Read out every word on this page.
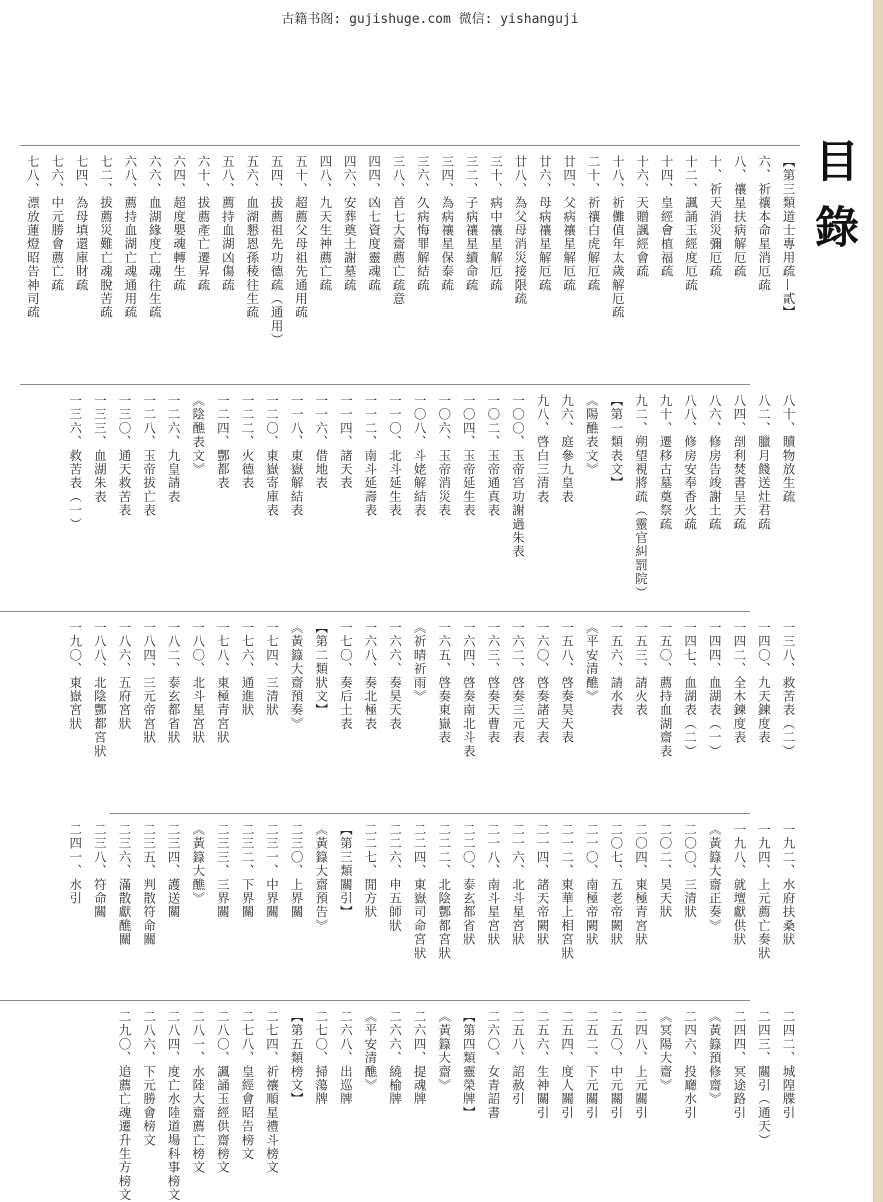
古籍书阁: gujishuge.com 微信: yishanguji
目錄
【第三類道士專用疏—貳】
六、祈禳本命星消厄疏
八、禳星扶病解厄疏
十、祈天消災彌厄疏
十二、諷誦玉經度厄疏
十四、皇經會植福疏
十六、天贈諷經會疏
十八、祈儺值年太歲解厄疏
二十、祈禳白虎解厄疏
廿四、父病禳星解厄疏
廿六、母病禳星解厄疏
廿八、為父母消災接限疏
三十、病中禳星解厄疏
三二、子病禳星續命疏
三四、為病禳星保泰疏
三六、久病悔罪解結疏
三八、首七大齋薦亡疏意
四四、凶七資度靈魂疏
四六、安葬奠土謝墓疏
四八、九天生神薦亡疏
五十、超薦父母祖先通用疏
五四、拔薦祖先功德疏（通用）
五六、血湖懇恩孫稜往生疏
五八、薦持血湖凶傷疏
六十、拔薦產亡遷昇疏
六四、超度嬰魂轉生疏
六六、血湖緣度亡魂往生疏
六八、薦持血湖亡魂通用疏
七二、拔薦災難亡魂脫苦疏
七四、為母填還庫財疏
七六、中元勝會薦亡疏
七八、漂放蓮燈昭告神司疏
八十、贖物放生疏
八二、臘月餞送灶君疏
八四、剖利焚書呈天疏
八六、修房告竣謝土疏
八八、修房安奉香火疏
九十、遷移古墓奠祭疏
九二、朔望視將疏（靈官糾罰院）
【第一類表文】
《陽醮表文》
九六、庭參九皇表
九八、啓白三清表
一〇〇、玉帝宫功謝過朱表
一〇二、玉帝通真表
一〇四、玉帝延生表
一〇六、玉帝消災表
一〇八、斗姥解結表
一一〇、北斗延生表
一一二、南斗延壽表
一一四、諸天表
一一六、借地表
一一八、東嶽解結表
一二〇、東嶽寄庫表
一二二、火德表
一二四、酆都表
《陰醮表文》
一二六、九皇請表
一二八、玉帝拔亡表
一三〇、通天救苦表
一三三、血湖朱表
一三六、救苦表（一）
一三八、救苦表（二）
一四〇、九天鍊度表
一四二、全木鍊度表
一四四、血湖表（一）
一四七、血湖表（二）
一五〇、薦持血湖齋表
一五三、請火表
一五六、請水表
《平安清醮》
一五八、啓奏昊天表
一六〇、啓奏諸天表
一六二、啓奏三元表
一六三、啓奏天曹表
一六四、啓奏南北斗表
一六五、啓奏東嶽表
《祈晴祈雨》
一六六、奏昊天表
一六八、奏北極表
一七〇、奏后土表
【第二類狀文】
《黃籙大齋預奏》
一七四、三清狀
一七六、通進狀
一七八、東極青宮狀
一八〇、北斗星宮狀
一八二、泰玄都省狀
一八四、三元帝宮狀
一八六、五府宮狀
一八八、北陰酆都宮狀
一九〇、東嶽宮狀
一九二、水府扶桑狀
一九四、上元薦亡奏狀
一九八、就壇獻供狀
《黃籙大齋正奏》
二〇〇、三清狀
二〇二、昊天狀
二〇四、東極青宮狀
二〇七、五老帝闕狀
二一〇、南極帝闕狀
二一二、東華上相宮狀
二一四、諸天帝闕狀
二一六、北斗星宮狀
二一八、南斗星宮狀
二二〇、泰玄都省狀
二二二、北陰酆都宮狀
二二四、東嶽司命宮狀
二二六、申五師狀
二二七、閒方狀
【第三類關引】
《黃籙大齋預告》
二三〇、上界關
二三一、中界關
二三二、下界關
二三三、三界關
《黃籙大醮》
二三四、護送關
二三五、判散符命關
二三六、滿散獻醮關
二三八、符命關
二四一、水引
二四二、城隍牒引
二四三、關引（通天）
二四四、冥途路引
《黃籙預修齋》
二四六、投廰水引
《冥陽大齋》
二四八、上元關引
二五〇、中元關引
二五二、下元關引
二五四、度人關引
二五六、生神關引
二五八、詔赦引
二六〇、女青詔書
【第四類靈榮牌】
《黃籙大齋》
二六四、提魂牌
二六六、繞榆牌
《平安清醮》
二六八、出巡牌
二七〇、掃蕩牌
【第五類榜文】
二七四、祈禳順星禮斗榜文
二七八、皇經會昭告榜文
二八〇、諷誦玉經供齋榜文
二八一、水陸大齋薦亡榜文
二八四、度亡水陸道場科事榜文
二八六、下元勝會榜文
二九〇、追薦亡魂遷升生方榜文
